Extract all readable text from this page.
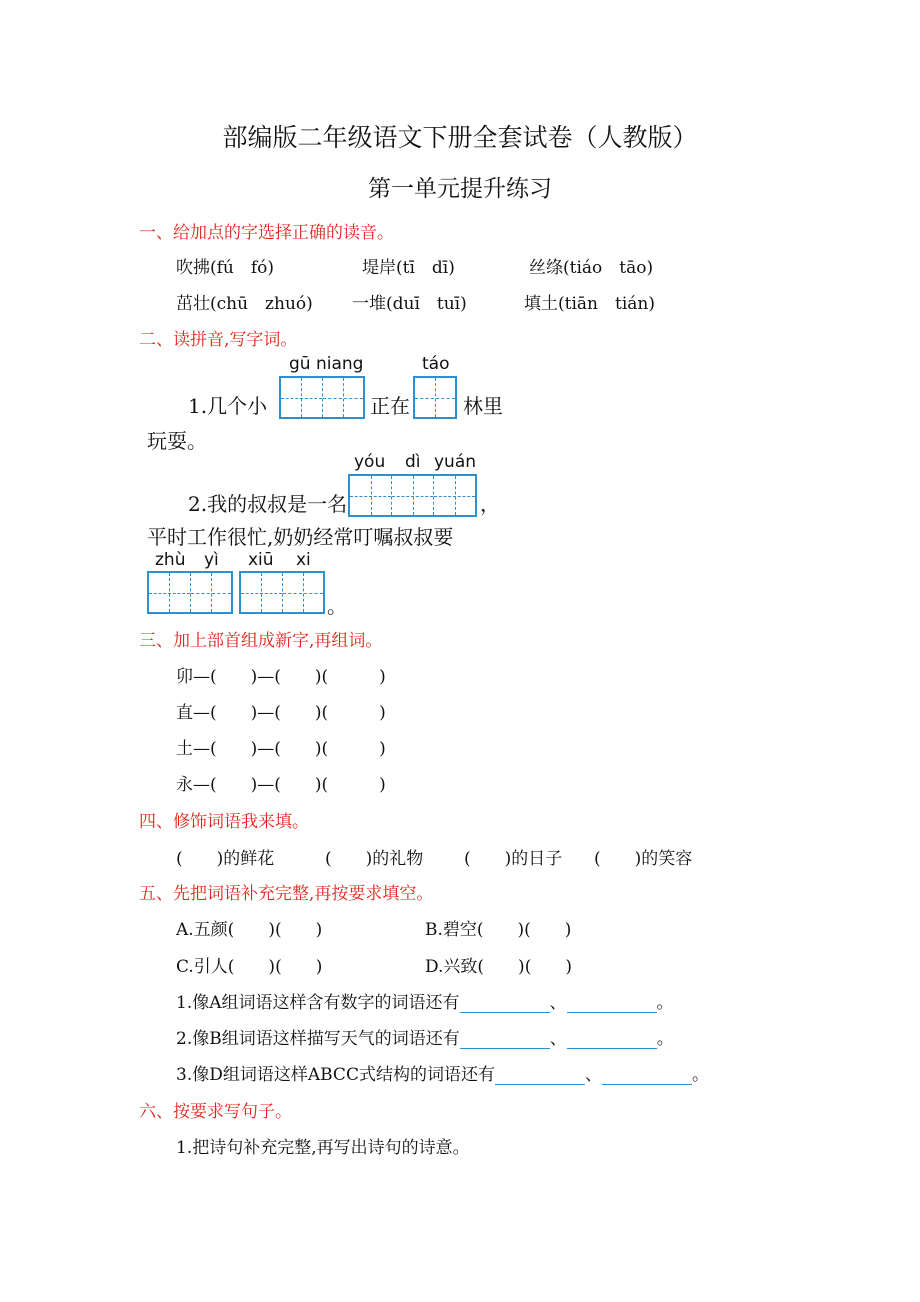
部编版二年级语文下册全套试卷（人教版）
第一单元提升练习
一、给加点的字选择正确的读音。
吹拂(fú　fó)	堤岸(tī　dī)	丝绦(tiáo　tāo)
茁壮(chū　zhuó) 一堆(duī　tuī)	填土(tiān　tián)
二、读拼音,写字词。
gū niang	táo
1.几个小	正在	林里
玩耍。
yóu dì yuán
2.我的叔叔是一名	，
平时工作很忙,奶奶经常叮嘱叔叔要
zhù yì xiū xi
。
三、加上部首组成新字,再组词。
卯—(　　)—(　　)(　　　)
直—(　　)—(　　)(　　　)
土—(　　)—(　　)(　　　)
永—(　　)—(　　)(　　　)
四、修饰词语我来填。
(　　)的鲜花	(　　)的礼物 (　　)的日子 (　　)的笑容
五、先把词语补充完整,再按要求填空。
A.五颜(　　)(　　)	B.碧空(　　)(　　)
C.引人(　　)(　　)	D.兴致(　　)(　　)
1.像A组词语这样含有数字的词语还有	、	。
2.像B组词语这样描写天气的词语还有	、	。
3.像D组词语这样ABCC式结构的词语还有	、	。
六、按要求写句子。
1.把诗句补充完整,再写出诗句的诗意。
